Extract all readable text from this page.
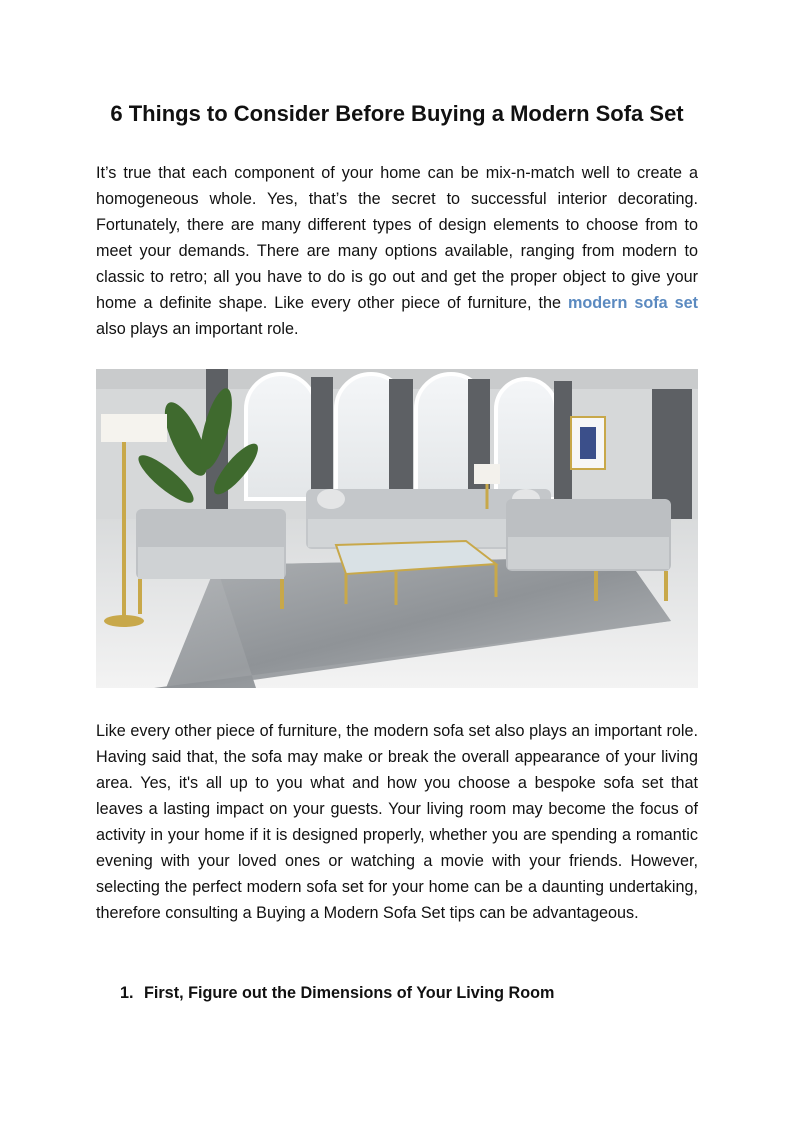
6 Things to Consider Before Buying a Modern Sofa Set

It’s true that each component of your home can be mix-n-match well to create a homogeneous whole. Yes, that’s the secret to successful interior decorating. Fortunately, there are many different types of design elements to choose from to meet your demands. There are many options available, ranging from modern to classic to retro; all you have to do is go out and get the proper object to give your home a definite shape. Like every other piece of furniture, the modern sofa set also plays an important role.

Like every other piece of furniture, the modern sofa set also plays an important role. Having said that, the sofa may make or break the overall appearance of your living area. Yes, it's all up to you what and how you choose a bespoke sofa set that leaves a lasting impact on your guests. Your living room may become the focus of activity in your home if it is designed properly, whether you are spending a romantic evening with your loved ones or watching a movie with your friends. However, selecting the perfect modern sofa set for your home can be a daunting undertaking, therefore consulting a Buying a Modern Sofa Set tips can be advantageous.

1. First, Figure out the Dimensions of Your Living Room
